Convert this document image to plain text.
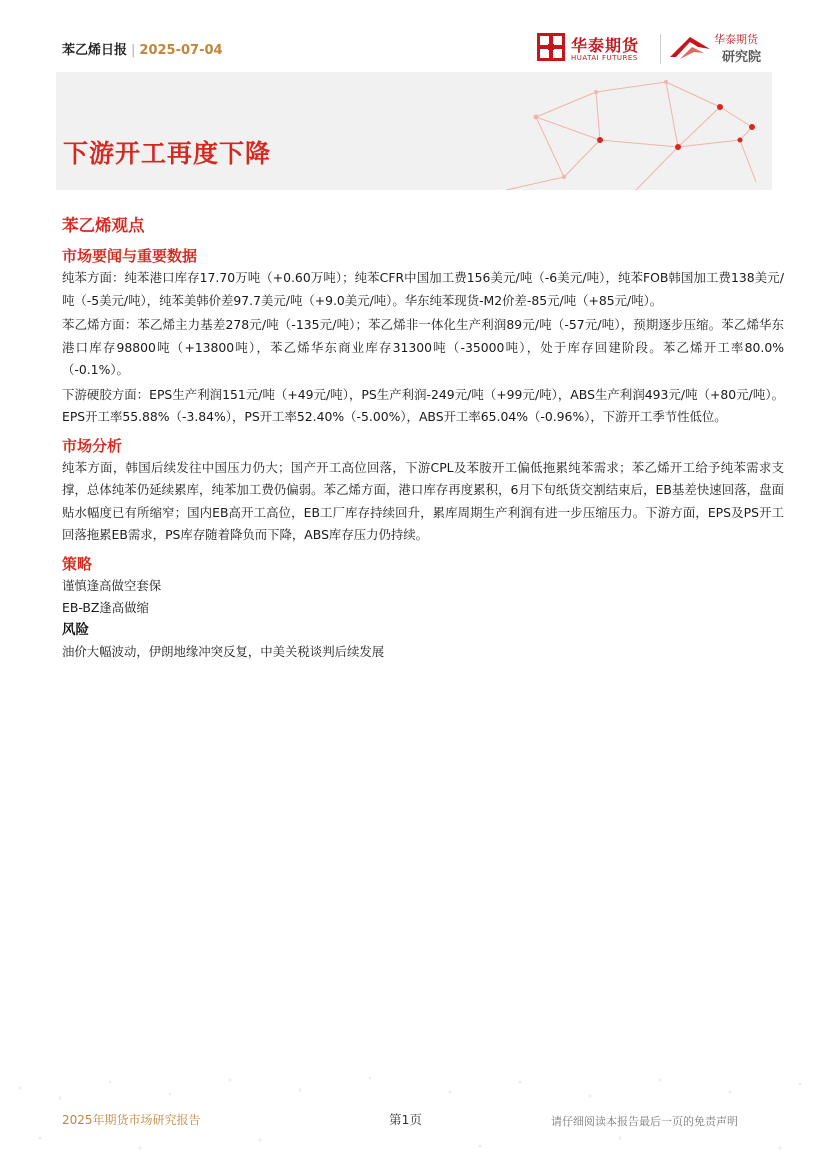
苯乙烯日报 | 2025-07-04	华泰期货
HUATAI FUTURES
华泰期货
研究院
下游开工再度下降
苯乙烯观点
市场要闻与重要数据

纯苯方面：纯苯港口库存17.70万吨（+0.60万吨）；纯苯CFR中国加工费156美元/吨（-6美元/吨），纯苯FOB韩国加工费138美元/吨（-5美元/吨），纯苯美韩价差97.7美元/吨（+9.0美元/吨）。华东纯苯现货-M2价差-85元/吨（+85元/吨）。

苯乙烯方面：苯乙烯主力基差278元/吨（-135元/吨）；苯乙烯非一体化生产利润89元/吨（-57元/吨），预期逐步压缩。苯乙烯华东港口库存98800吨（+13800吨），苯乙烯华东商业库存31300吨（-35000吨），处于库存回建阶段。苯乙烯开工率80.0%（-0.1%）。

下游硬胶方面：EPS生产利润151元/吨（+49元/吨），PS生产利润-249元/吨（+99元/吨），ABS生产利润493元/吨（+80元/吨）。EPS开工率55.88%（-3.84%），PS开工率52.40%（-5.00%），ABS开工率65.04%（-0.96%），下游开工季节性低位。

市场分析

纯苯方面，韩国后续发往中国压力仍大；国产开工高位回落，下游CPL及苯胺开工偏低拖累纯苯需求；苯乙烯开工给予纯苯需求支撑，总体纯苯仍延续累库，纯苯加工费仍偏弱。苯乙烯方面，港口库存再度累积，6月下旬纸货交割结束后，EB基差快速回落，盘面贴水幅度已有所缩窄；国内EB高开工高位，EB工厂库存持续回升，累库周期生产利润有进一步压缩压力。下游方面，EPS及PS开工回落拖累EB需求，PS库存随着降负而下降，ABS库存压力仍持续。

策略

谨慎逢高做空套保

EB-BZ逢高做缩

风险

油价大幅波动，伊朗地缘冲突反复，中美关税谈判后续发展

2025年期货市场研究报告	第1页	请仔细阅读本报告最后一页的免责声明
